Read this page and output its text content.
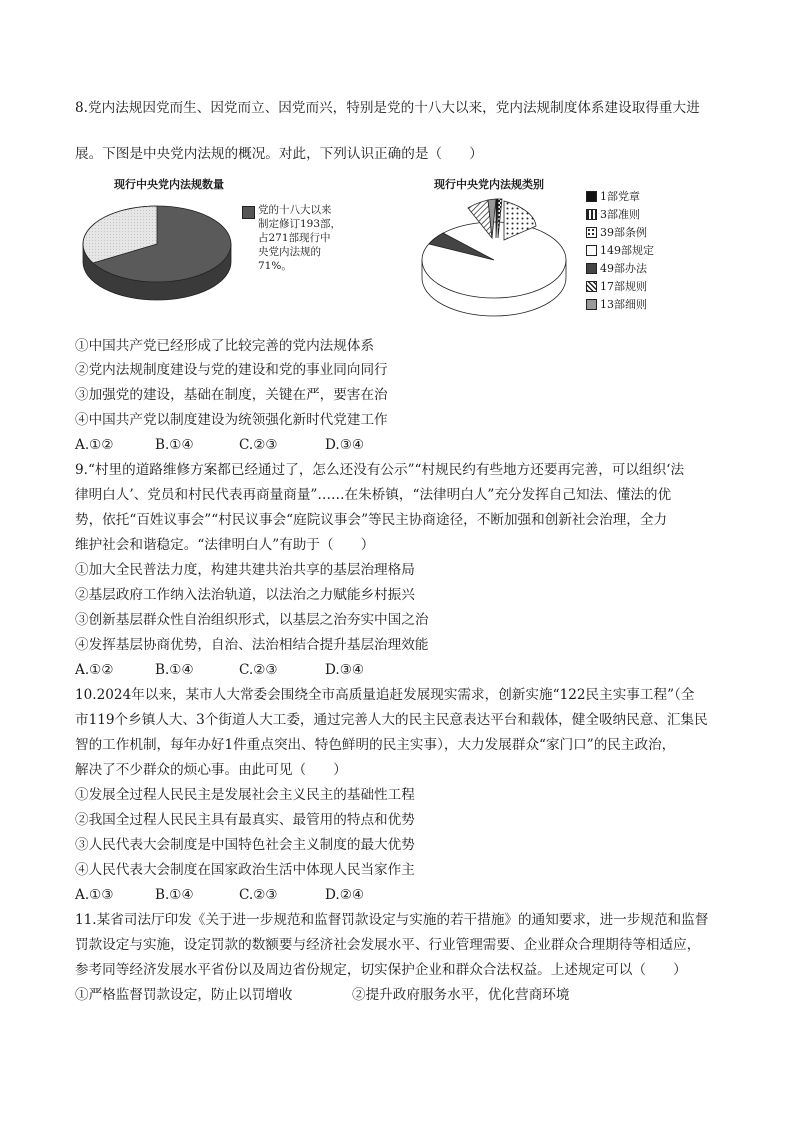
8.党内法规因党而生、因党而立、因党而兴，特别是党的十八大以来，党内法规制度体系建设取得重大进
展。下图是中央党内法规的概况。对此，下列认识正确的是（　　）
现行中央党内法规数量
党的十八大以来
制定修订193部，
占271部现行中
央党内法规的
71%。
现行中央党内法规类别
1部党章
3部准则
39部条例
149部规定
49部办法
17部规则
13部细则
①中国共产党已经形成了比较完善的党内法规体系
②党内法规制度建设与党的建设和党的事业同向同行
③加强党的建设，基础在制度，关键在严，要害在治
④中国共产党以制度建设为统领强化新时代党建工作
A.①②	B.①④	C.②③	D.③④
9.“村里的道路维修方案都已经通过了，怎么还没有公示”“村规民约有些地方还要再完善，可以组织‘法
律明白人’、党员和村民代表再商量商量”……在朱桥镇，“法律明白人”充分发挥自己知法、懂法的优
势，依托“百姓议事会”“村民议事会“庭院议事会”等民主协商途径，不断加强和创新社会治理，全力
维护社会和谐稳定。“法律明白人”有助于（　　）
①加大全民普法力度，构建共建共治共享的基层治理格局
②基层政府工作纳入法治轨道，以法治之力赋能乡村振兴
③创新基层群众性自治组织形式，以基层之治夯实中国之治
④发挥基层协商优势，自治、法治相结合提升基层治理效能
A.①②	B.①④	C.②③	D.③④
10.2024年以来，某市人大常委会围绕全市高质量追赶发展现实需求，创新实施“122民主实事工程”（全
市119个乡镇人大、3个街道人大工委，通过完善人大的民主民意表达平台和载体，健全吸纳民意、汇集民
智的工作机制，每年办好1件重点突出、特色鲜明的民主实事），大力发展群众“家门口”的民主政治，
解决了不少群众的烦心事。由此可见（　　）
①发展全过程人民民主是发展社会主义民主的基础性工程
②我国全过程人民民主具有最真实、最管用的特点和优势
③人民代表大会制度是中国特色社会主义制度的最大优势
④人民代表大会制度在国家政治生活中体现人民当家作主
A.①③	B.①④	C.②③	D.②④
11.某省司法厅印发《关于进一步规范和监督罚款设定与实施的若干措施》的通知要求，进一步规范和监督
罚款设定与实施，设定罚款的数额要与经济社会发展水平、行业管理需要、企业群众合理期待等相适应，
参考同等经济发展水平省份以及周边省份规定，切实保护企业和群众合法权益。上述规定可以（　　）
①严格监督罚款设定，防止以罚增收	②提升政府服务水平，优化营商环境
